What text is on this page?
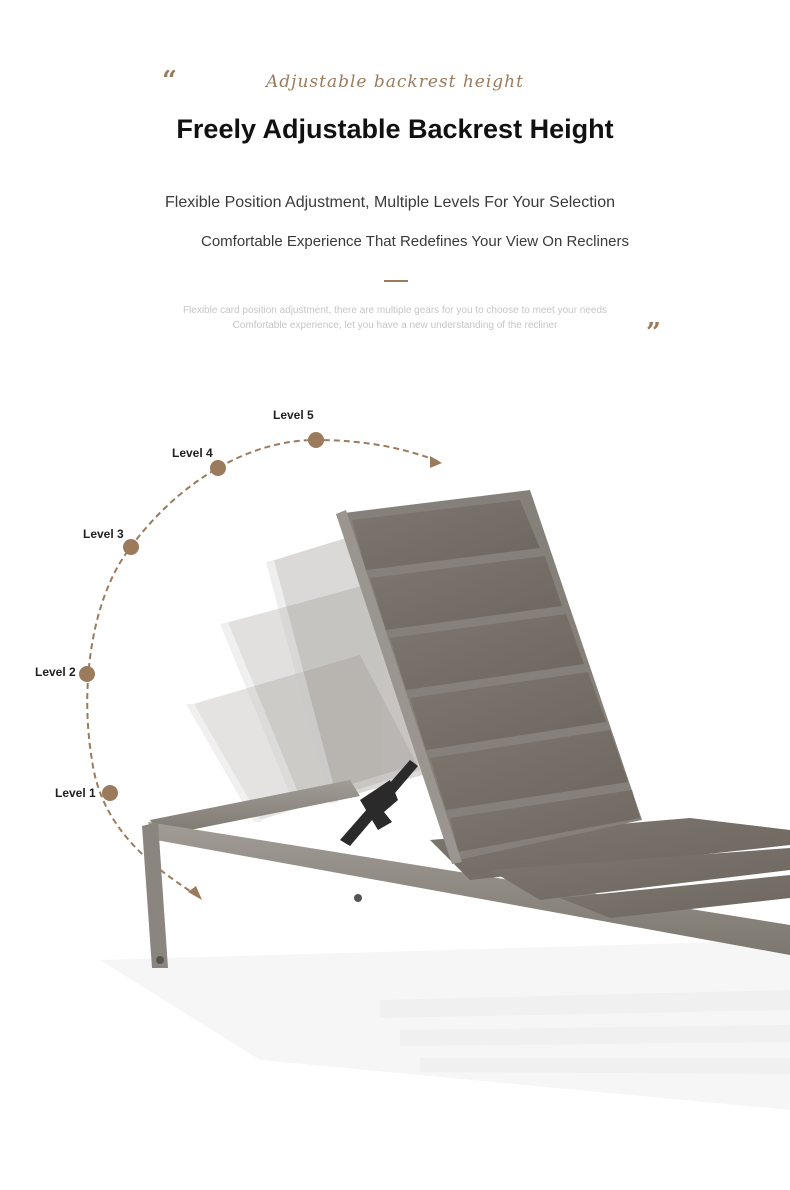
“	Adjustable backrest height
Freely Adjustable Backrest Height
Flexible Position Adjustment, Multiple Levels For Your Selection
Comfortable Experience That Redefines Your View On Recliners
Flexible card position adjustment, there are multiple gears for you to choose to meet your needs
Comfortable experience, let you have a new understanding of the recliner	”
Level 5
Level 4
Level 3
Level 2
Level 1
